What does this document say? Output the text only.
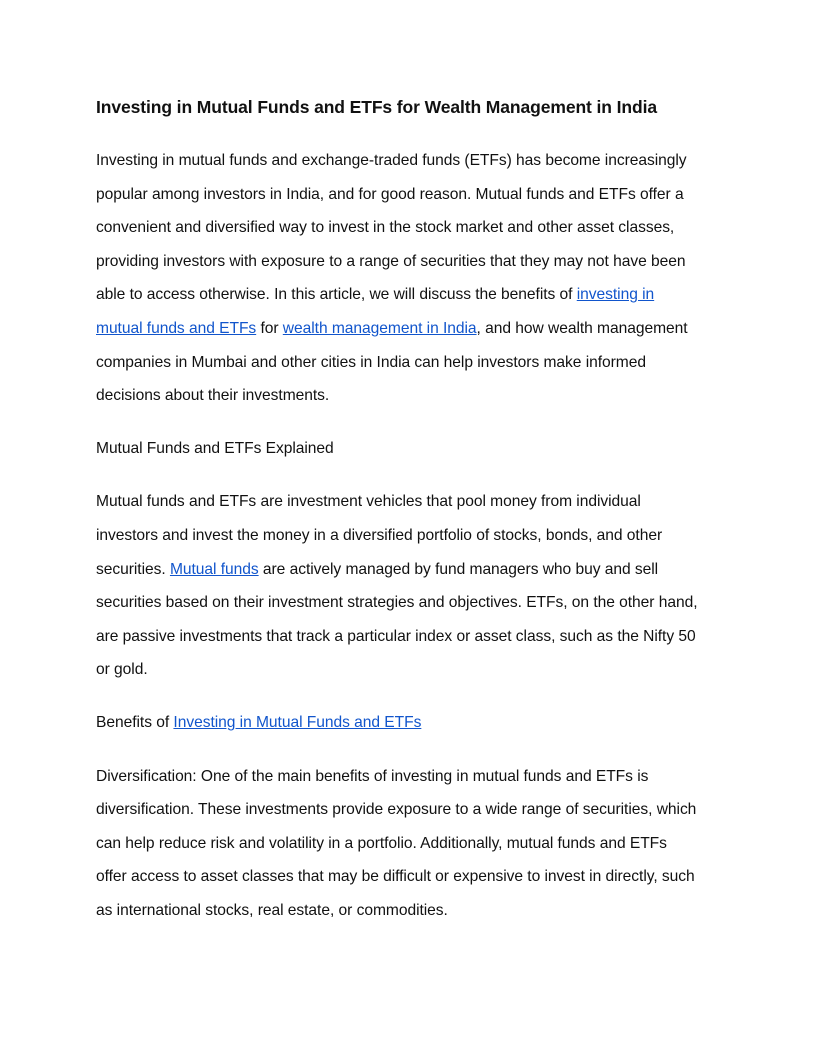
Investing in Mutual Funds and ETFs for Wealth Management in India

Investing in mutual funds and exchange-traded funds (ETFs) has become increasingly
popular among investors in India, and for good reason. Mutual funds and ETFs offer a
convenient and diversified way to invest in the stock market and other asset classes,
providing investors with exposure to a range of securities that they may not have been
able to access otherwise. In this article, we will discuss the benefits of investing in
mutual funds and ETFs for wealth management in India, and how wealth management
companies in Mumbai and other cities in India can help investors make informed
decisions about their investments.

Mutual Funds and ETFs Explained

Mutual funds and ETFs are investment vehicles that pool money from individual
investors and invest the money in a diversified portfolio of stocks, bonds, and other
securities. Mutual funds are actively managed by fund managers who buy and sell
securities based on their investment strategies and objectives. ETFs, on the other hand,
are passive investments that track a particular index or asset class, such as the Nifty 50
or gold.

Benefits of Investing in Mutual Funds and ETFs

Diversification: One of the main benefits of investing in mutual funds and ETFs is
diversification. These investments provide exposure to a wide range of securities, which
can help reduce risk and volatility in a portfolio. Additionally, mutual funds and ETFs
offer access to asset classes that may be difficult or expensive to invest in directly, such
as international stocks, real estate, or commodities.
